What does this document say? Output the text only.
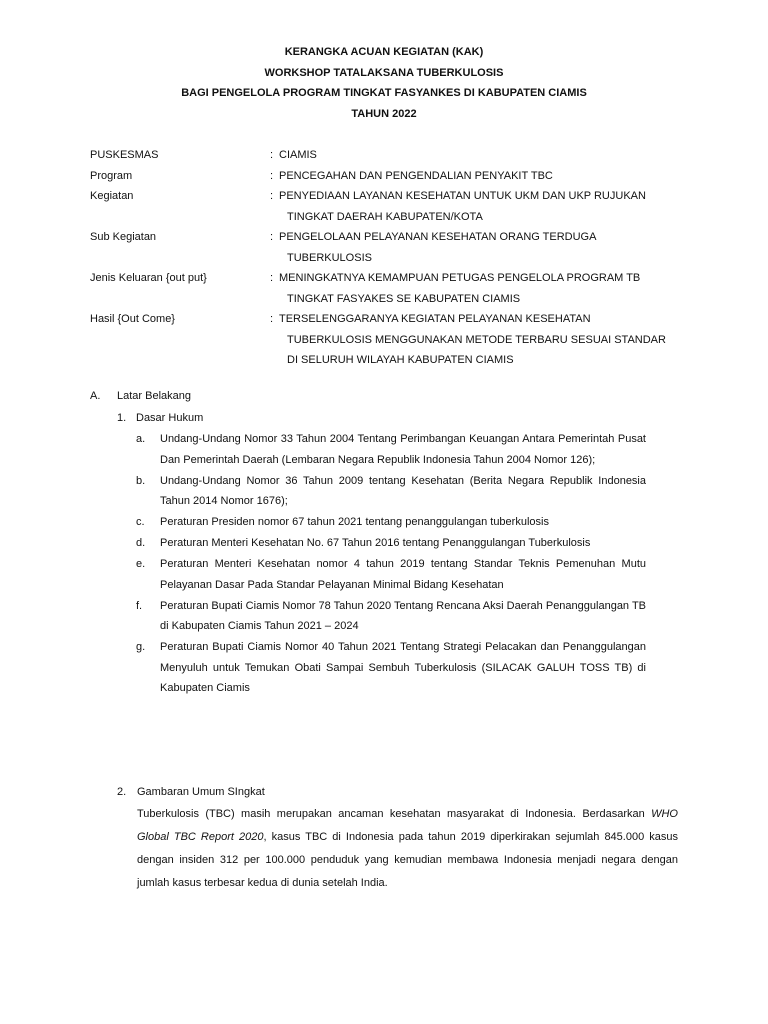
KERANGKA ACUAN KEGIATAN (KAK)

WORKSHOP TATALAKSANA TUBERKULOSIS

BAGI PENGELOLA PROGRAM TINGKAT FASYANKES DI KABUPATEN CIAMIS

TAHUN 2022

PUSKESMAS	: CIAMIS
Program	: PENCEGAHAN DAN PENGENDALIAN PENYAKIT TBC
Kegiatan	: PENYEDIAAN LAYANAN KESEHATAN UNTUK UKM DAN UKP RUJUKAN
TINGKAT DAERAH KABUPATEN/KOTA
Sub Kegiatan	: PENGELOLAAN PELAYANAN KESEHATAN ORANG TERDUGA
TUBERKULOSIS
Jenis Keluaran {out put}	: MENINGKATNYA KEMAMPUAN PETUGAS PENGELOLA PROGRAM TB
TINGKAT FASYAKES SE KABUPATEN CIAMIS
Hasil {Out Come}	: TERSELENGGARANYA KEGIATAN PELAYANAN KESEHATAN
TUBERKULOSIS MENGGUNAKAN METODE TERBARU SESUAI STANDAR
DI SELURUH WILAYAH KABUPATEN CIAMIS
A. Latar Belakang
1. Dasar Hukum
a.	Undang-Undang Nomor 33 Tahun 2004 Tentang Perimbangan Keuangan Antara Pemerintah Pusat Dan Pemerintah Daerah (Lembaran Negara Republik Indonesia Tahun 2004 Nomor 126);
b.	Undang-Undang Nomor 36 Tahun 2009 tentang Kesehatan (Berita Negara Republik Indonesia Tahun 2014 Nomor 1676);
c.	Peraturan Presiden nomor 67 tahun 2021 tentang penanggulangan tuberkulosis
d.	Peraturan Menteri Kesehatan No. 67 Tahun 2016 tentang Penanggulangan Tuberkulosis
e.	Peraturan Menteri Kesehatan nomor 4 tahun 2019 tentang Standar Teknis Pemenuhan Mutu Pelayanan Dasar Pada Standar Pelayanan Minimal Bidang Kesehatan
f.	Peraturan Bupati Ciamis Nomor 78 Tahun 2020 Tentang Rencana Aksi Daerah Penanggulangan TB di Kabupaten Ciamis Tahun 2021 – 2024
g.	Peraturan Bupati Ciamis Nomor 40 Tahun 2021 Tentang Strategi Pelacakan dan Penanggulangan Menyuluh untuk Temukan Obati Sampai Sembuh Tuberkulosis (SILACAK GALUH TOSS TB) di Kabupaten Ciamis
2. Gambaran Umum SIngkat
Tuberkulosis (TBC) masih merupakan ancaman kesehatan masyarakat di Indonesia. Berdasarkan WHO Global TBC Report 2020, kasus TBC di Indonesia pada tahun 2019 diperkirakan sejumlah 845.000 kasus dengan insiden 312 per 100.000 penduduk yang kemudian membawa Indonesia menjadi negara dengan jumlah kasus terbesar kedua di dunia setelah India.
